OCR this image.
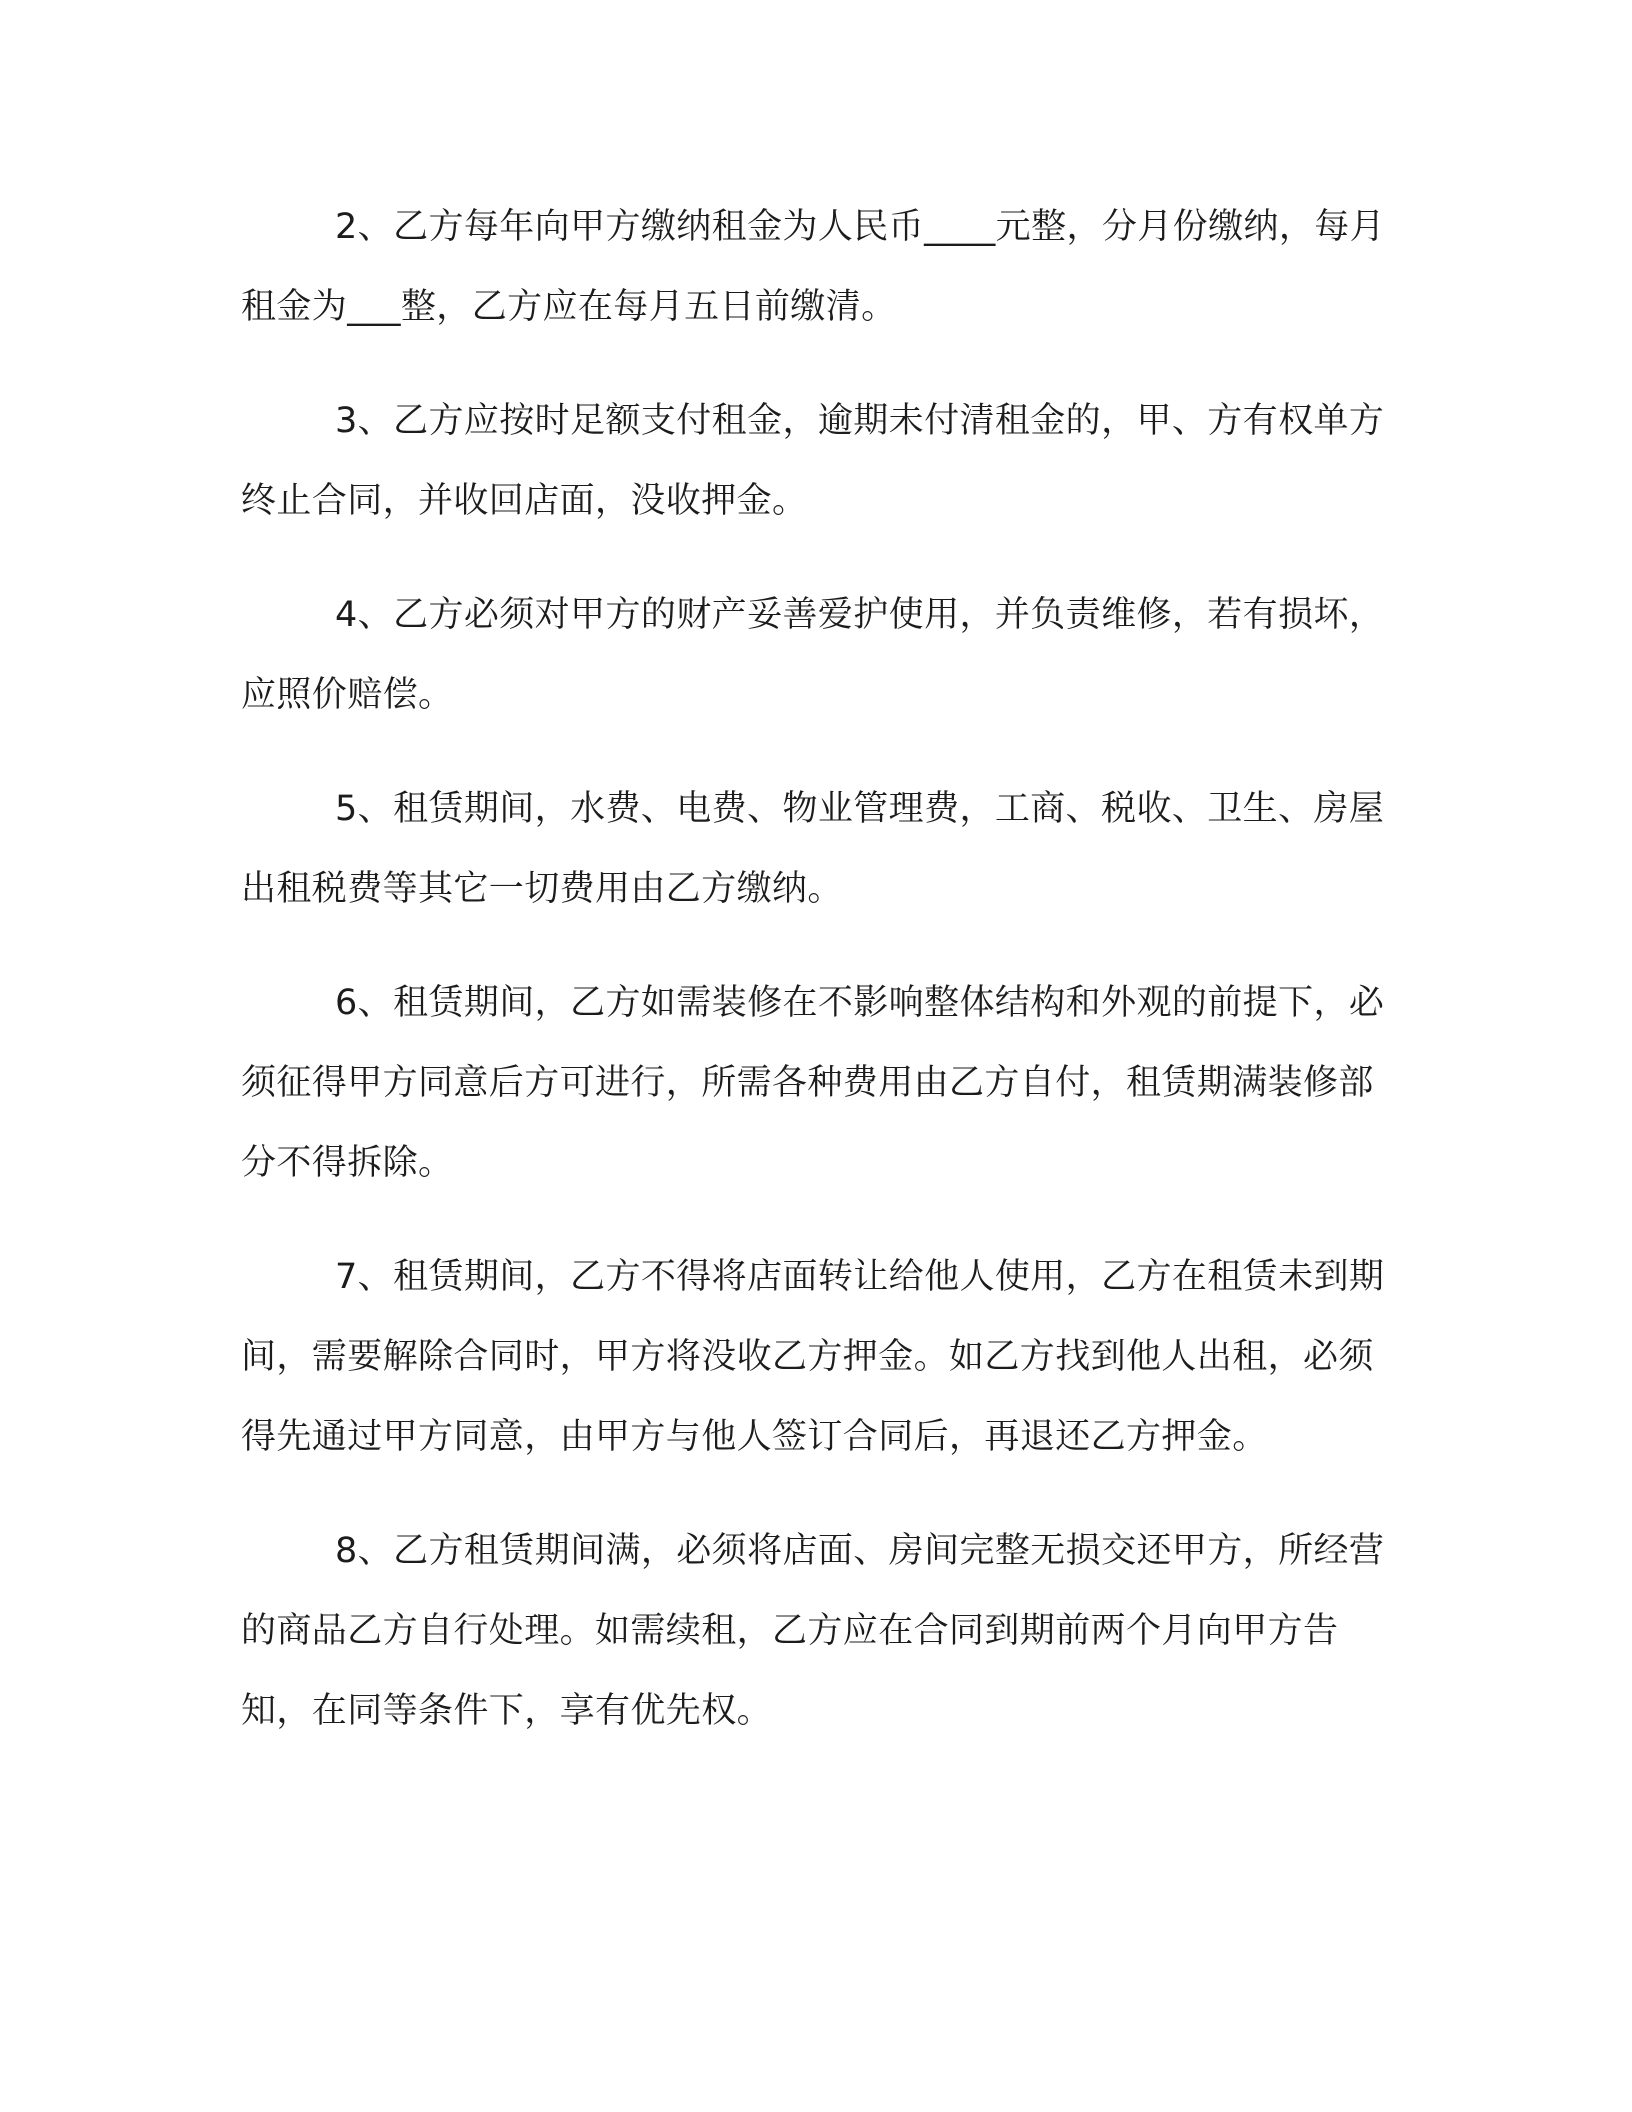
2、乙方每年向甲方缴纳租金为人民币____元整，分月份缴纳，每月租金为___整，乙方应在每月五日前缴清。

3、乙方应按时足额支付租金，逾期未付清租金的，甲、方有权单方终止合同，并收回店面，没收押金。

4、乙方必须对甲方的财产妥善爱护使用，并负责维修，若有损坏，应照价赔偿。

5、租赁期间，水费、电费、物业管理费，工商、税收、卫生、房屋出租税费等其它一切费用由乙方缴纳。

6、租赁期间，乙方如需装修在不影响整体结构和外观的前提下，必须征得甲方同意后方可进行，所需各种费用由乙方自付，租赁期满装修部分不得拆除。

7、租赁期间，乙方不得将店面转让给他人使用，乙方在租赁未到期间，需要解除合同时，甲方将没收乙方押金。如乙方找到他人出租，必须得先通过甲方同意，由甲方与他人签订合同后，再退还乙方押金。

8、乙方租赁期间满，必须将店面、房间完整无损交还甲方，所经营的商品乙方自行处理。如需续租，乙方应在合同到期前两个月向甲方告知，在同等条件下，享有优先权。
